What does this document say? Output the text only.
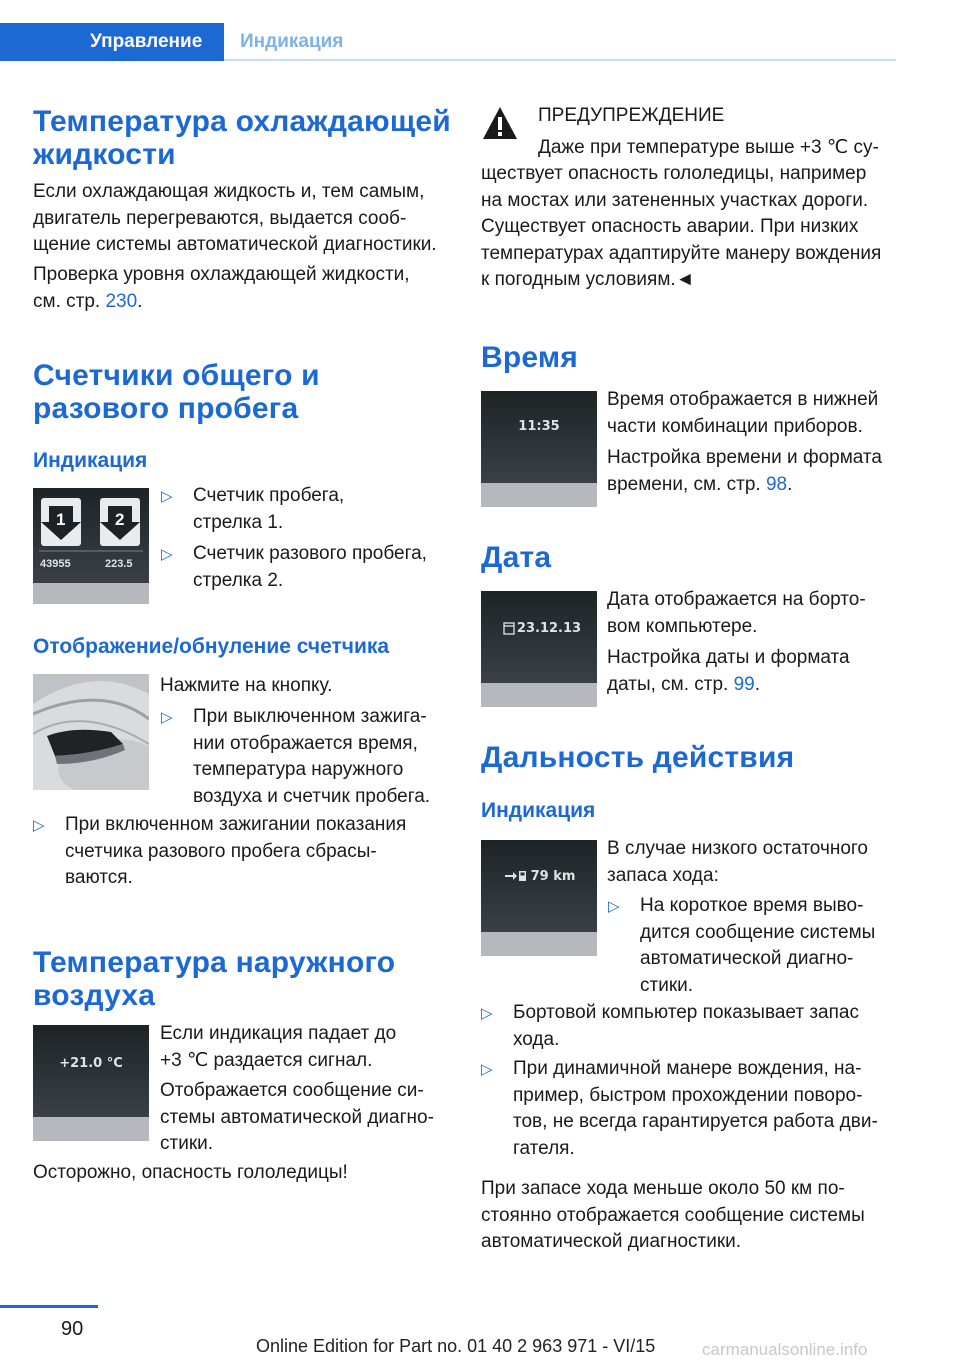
Управление	Индикация
Температура охлаждающей
жидкости
Если охлаждающая жидкость и, тем самым,
двигатель перегреваются, выдается сооб-
щение системы автоматической диагностики.
Проверка уровня охлаждающей жидкости,
см. стр. 230.
Счетчики общего и
разового пробега
Индикация
1	2
43955	223.5
▷	Счетчик пробега,
стрелка 1.
▷	Счетчик разового пробега,
стрелка 2.
Отображение/обнуление счетчика
Нажмите на кнопку.
▷	При выключенном зажига-
нии отображается время,
температура наружного
воздуха и счетчик пробега.
▷	При включенном зажигании показания
счетчика разового пробега сбрасы-
ваются.
Температура наружного
воздуха
+21.0 °C
Если индикация падает до
+3 ℃ раздается сигнал.
Отображается сообщение си-
стемы автоматической диагно-
стики.
Осторожно, опасность гололедицы!
ПРЕДУПРЕЖДЕНИЕ
Даже при температуре выше +3 ℃ су-
ществует опасность гололедицы, например
на мостах или затененных участках дороги.
Существует опасность аварии. При низких
температурах адаптируйте манеру вождения
к погодным условиям.◄
Время
11:35
Время отображается в нижней
части комбинации приборов.
Настройка времени и формата
времени, см. стр. 98.
Дата
23.12.13
Дата отображается на борто-
вом компьютере.
Настройка даты и формата
даты, см. стр. 99.
Дальность действия
Индикация
79 km
В случае низкого остаточного
запаса хода:
▷	На короткое время выво-
дится сообщение системы
автоматической диагно-
стики.
▷	Бортовой компьютер показывает запас
хода.
▷	При динамичной манере вождения, на-
пример, быстром прохождении поворо-
тов, не всегда гарантируется работа дви-
гателя.
При запасе хода меньше около 50 км по-
стоянно отображается сообщение системы
автоматической диагностики.
90
Online Edition for Part no. 01 40 2 963 971 - VI/15	carmanualsonline.info
